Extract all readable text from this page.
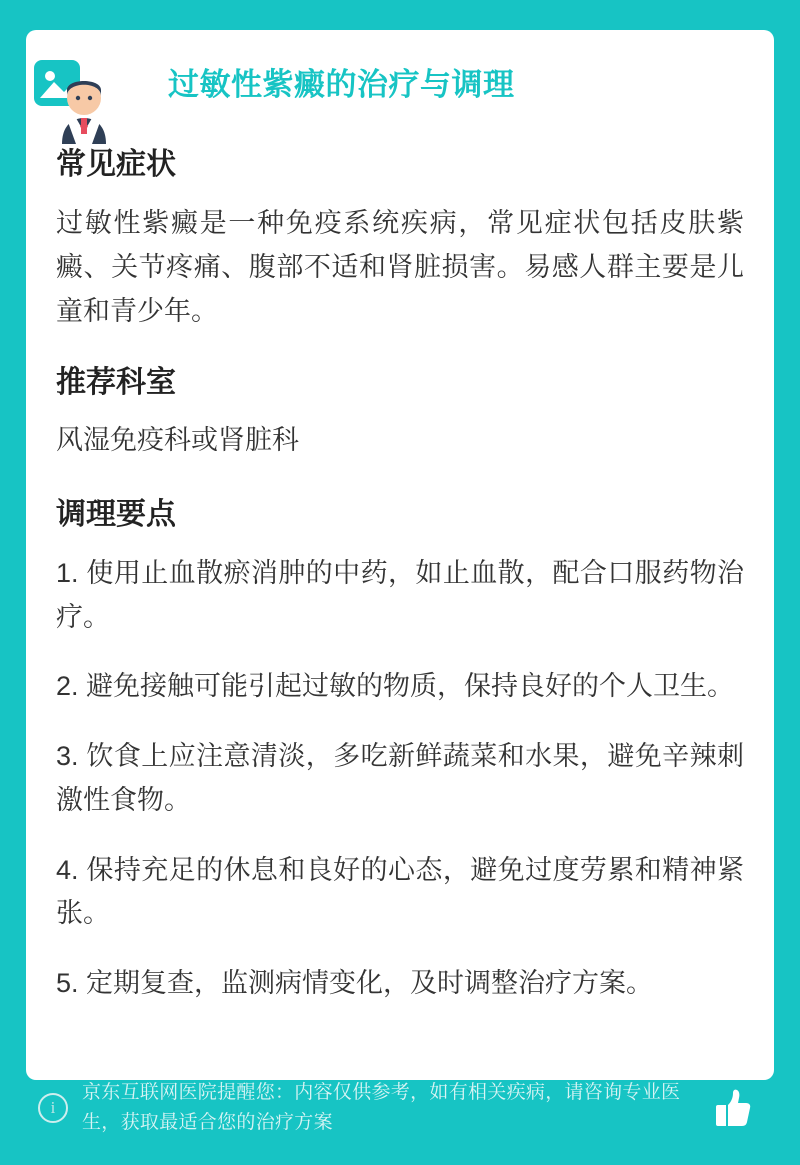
过敏性紫癜的治疗与调理
常见症状

过敏性紫癜是一种免疫系统疾病，常见症状包括皮肤紫癜、关节疼痛、腹部不适和肾脏损害。易感人群主要是儿童和青少年。

推荐科室

风湿免疫科或肾脏科

调理要点
1. 使用止血散瘀消肿的中药，如止血散，配合口服药物治疗。
2. 避免接触可能引起过敏的物质，保持良好的个人卫生。
3. 饮食上应注意清淡，多吃新鲜蔬菜和水果，避免辛辣刺激性食物。
4. 保持充足的休息和良好的心态，避免过度劳累和精神紧张。
5. 定期复查，监测病情变化，及时调整治疗方案。
i
京东互联网医院提醒您：内容仅供参考，如有相关疾病，请咨询专业医生，获取最适合您的治疗方案
